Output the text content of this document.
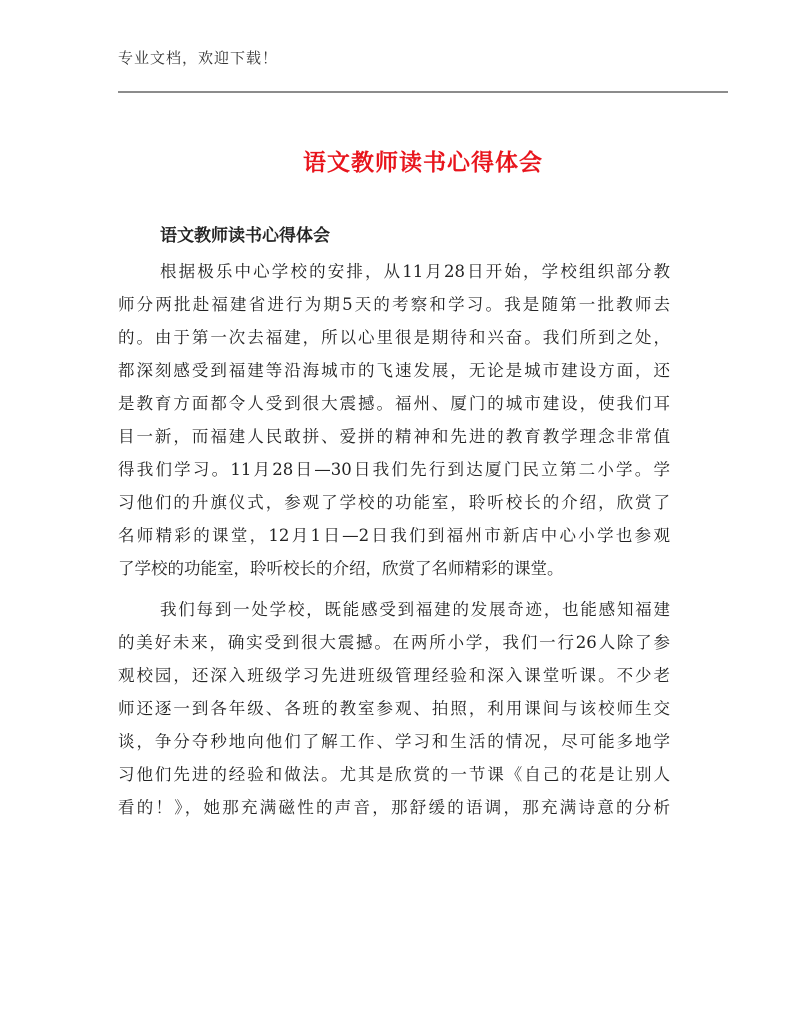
专业文档，欢迎下载！
语文教师读书心得体会
语文教师读书心得体会
根据极乐中心学校的安排，从11月28日开始，学校组织部分教
师分两批赴福建省进行为期5天的考察和学习。我是随第一批教师去
的。由于第一次去福建，所以心里很是期待和兴奋。我们所到之处，
都深刻感受到福建等沿海城市的飞速发展，无论是城市建设方面，还
是教育方面都令人受到很大震撼。福州、厦门的城市建设，使我们耳
目一新，而福建人民敢拼、爱拼的精神和先进的教育教学理念非常值
得我们学习。11月28日—30日我们先行到达厦门民立第二小学。学
习他们的升旗仪式，参观了学校的功能室，聆听校长的介绍，欣赏了
名师精彩的课堂，12月1日—2日我们到福州市新店中心小学也参观
了学校的功能室，聆听校长的介绍，欣赏了名师精彩的课堂。
我们每到一处学校，既能感受到福建的发展奇迹，也能感知福建
的美好未来，确实受到很大震撼。在两所小学，我们一行26人除了参
观校园，还深入班级学习先进班级管理经验和深入课堂听课。不少老
师还逐一到各年级、各班的教室参观、拍照，利用课间与该校师生交
谈，争分夺秒地向他们了解工作、学习和生活的情况，尽可能多地学
习他们先进的经验和做法。尤其是欣赏的一节课《自己的花是让别人
看的！》，她那充满磁性的声音，那舒缓的语调，那充满诗意的分析
